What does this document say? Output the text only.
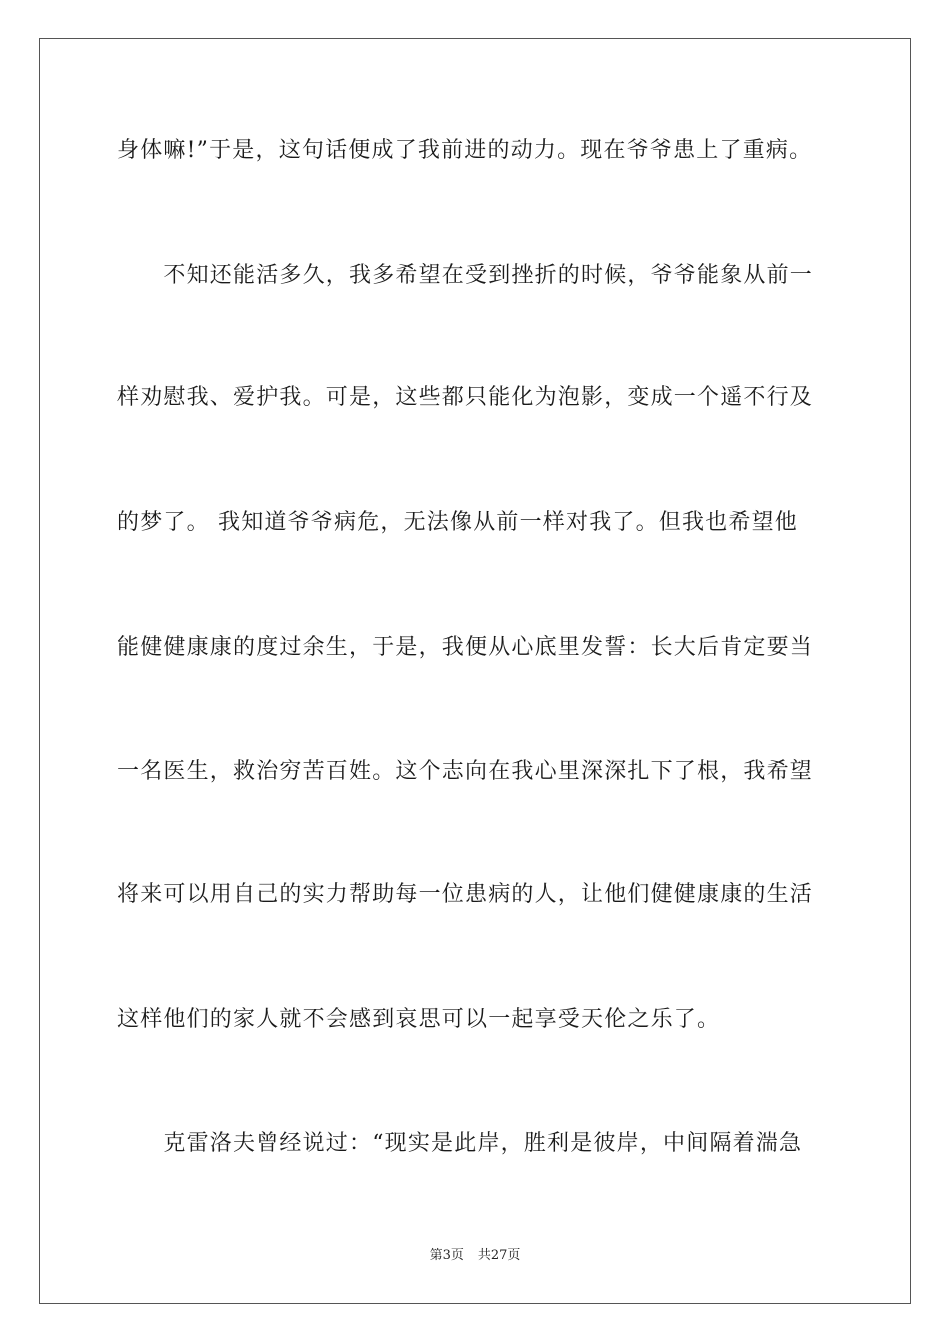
身体嘛!”于是，这句话便成了我前进的动力。现在爷爷患上了重病。
　　不知还能活多久，我多希望在受到挫折的时候，爷爷能象从前一
样劝慰我、爱护我。可是，这些都只能化为泡影，变成一个遥不行及
的梦了。 我知道爷爷病危，无法像从前一样对我了。但我也希望他
能健健康康的度过余生，于是，我便从心底里发誓：长大后肯定要当
一名医生，救治穷苦百姓。这个志向在我心里深深扎下了根，我希望
将来可以用自己的实力帮助每一位患病的人，让他们健健康康的生活
这样他们的家人就不会感到哀思可以一起享受天伦之乐了。
　　克雷洛夫曾经说过：“现实是此岸，胜利是彼岸，中间隔着湍急
第3页 共27页
